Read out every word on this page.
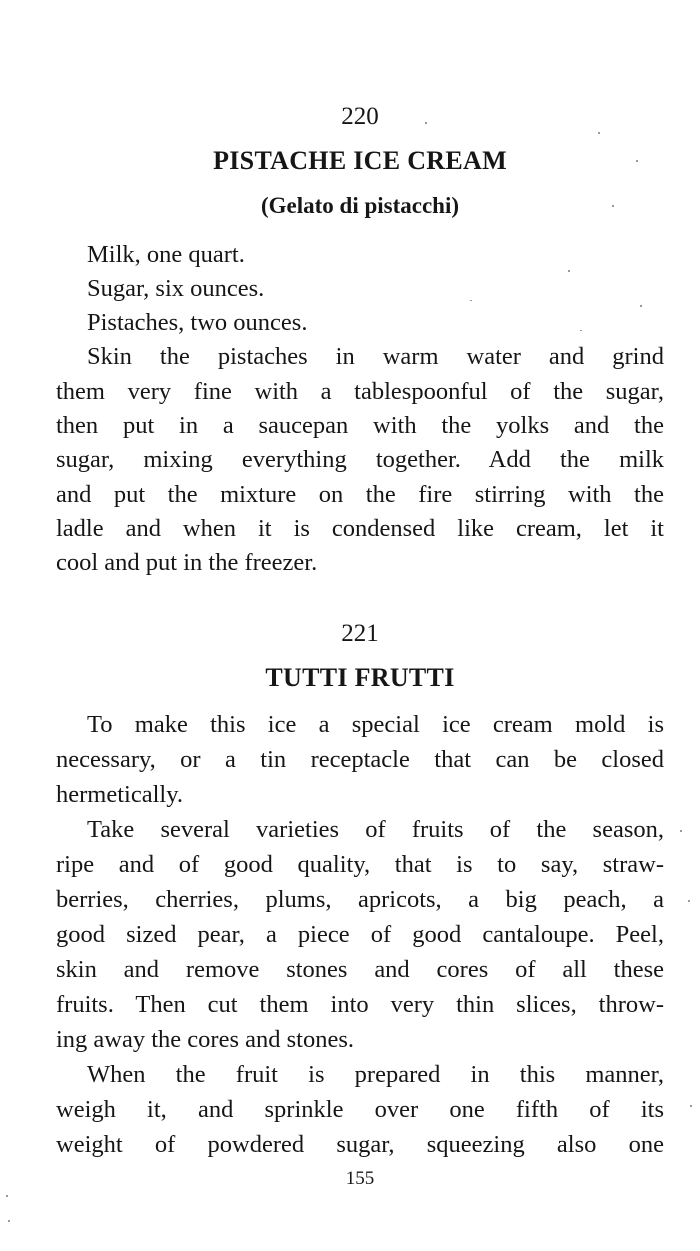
220
PISTACHE ICE CREAM
(Gelato di pistacchi)
Milk, one quart.
Sugar, six ounces.
Pistaches, two ounces.
Skin the pistaches in warm water and grind
them very fine with a tablespoonful of the sugar,
then put in a saucepan with the yolks and the
sugar, mixing everything together. Add the milk
and put the mixture on the fire stirring with the
ladle and when it is condensed like cream, let it
cool and put in the freezer.
221
TUTTI FRUTTI
To make this ice a special ice cream mold is
necessary, or a tin receptacle that can be closed
hermetically.
Take several varieties of fruits of the season,
ripe and of good quality, that is to say, straw-
berries, cherries, plums, apricots, a big peach, a
good sized pear, a piece of good cantaloupe. Peel,
skin and remove stones and cores of all these
fruits. Then cut them into very thin slices, throw-
ing away the cores and stones.
When the fruit is prepared in this manner,
weigh it, and sprinkle over one fifth of its
weight of powdered sugar, squeezing also one
155
